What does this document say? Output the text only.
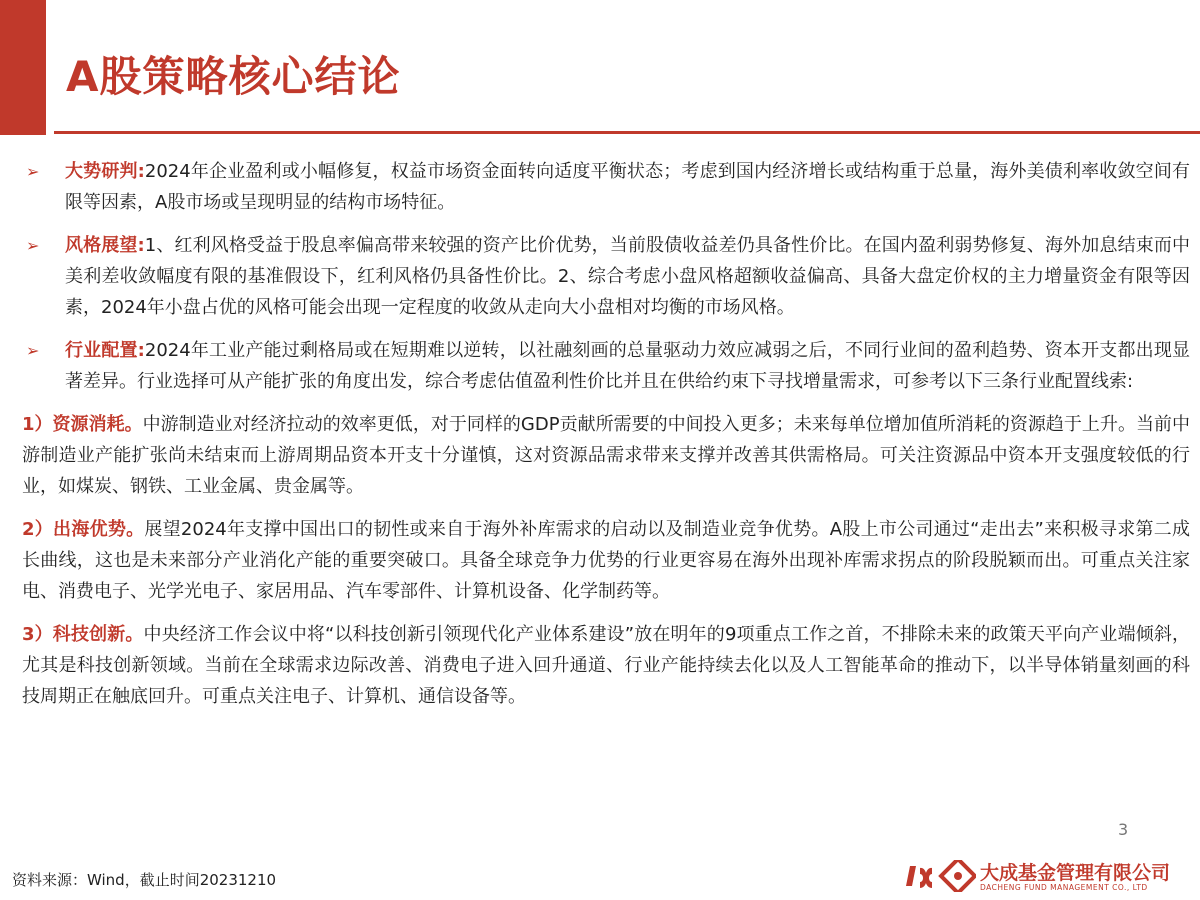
A股策略核心结论

➢ 大势研判:2024年企业盈利或小幅修复，权益市场资金面转向适度平衡状态；考虑到国内经济增长或结构重于总量，海外美债利率收敛空间有限等因素，A股市场或呈现明显的结构市场特征。

➢ 风格展望:1、红利风格受益于股息率偏高带来较强的资产比价优势，当前股债收益差仍具备性价比。在国内盈利弱势修复、海外加息结束而中美利差收敛幅度有限的基准假设下，红利风格仍具备性价比。2、综合考虑小盘风格超额收益偏高、具备大盘定价权的主力增量资金有限等因素，2024年小盘占优的风格可能会出现一定程度的收敛从走向大小盘相对均衡的市场风格。

➢ 行业配置:2024年工业产能过剩格局或在短期难以逆转，以社融刻画的总量驱动力效应减弱之后，不同行业间的盈利趋势、资本开支都出现显著差异。行业选择可从产能扩张的角度出发，综合考虑估值盈利性价比并且在供给约束下寻找增量需求，可参考以下三条行业配置线索:

1）资源消耗。中游制造业对经济拉动的效率更低，对于同样的GDP贡献所需要的中间投入更多；未来每单位增加值所消耗的资源趋于上升。当前中游制造业产能扩张尚未结束而上游周期品资本开支十分谨慎，这对资源品需求带来支撑并改善其供需格局。可关注资源品中资本开支强度较低的行业，如煤炭、钢铁、工业金属、贵金属等。

2）出海优势。展望2024年支撑中国出口的韧性或来自于海外补库需求的启动以及制造业竞争优势。A股上市公司通过“走出去”来积极寻求第二成长曲线，这也是未来部分产业消化产能的重要突破口。具备全球竞争力优势的行业更容易在海外出现补库需求拐点的阶段脱颖而出。可重点关注家电、消费电子、光学光电子、家居用品、汽车零部件、计算机设备、化学制药等。

3）科技创新。中央经济工作会议中将“以科技创新引领现代化产业体系建设”放在明年的9项重点工作之首，不排除未来的政策天平向产业端倾斜，尤其是科技创新领域。当前在全球需求边际改善、消费电子进入回升通道、行业产能持续去化以及人工智能革命的推动下，以半导体销量刻画的科技周期正在触底回升。可重点关注电子、计算机、通信设备等。

3
资料来源：Wind，截止时间20231210	大成基金管理有限公司
DACHENG FUND MANAGEMENT CO., LTD
